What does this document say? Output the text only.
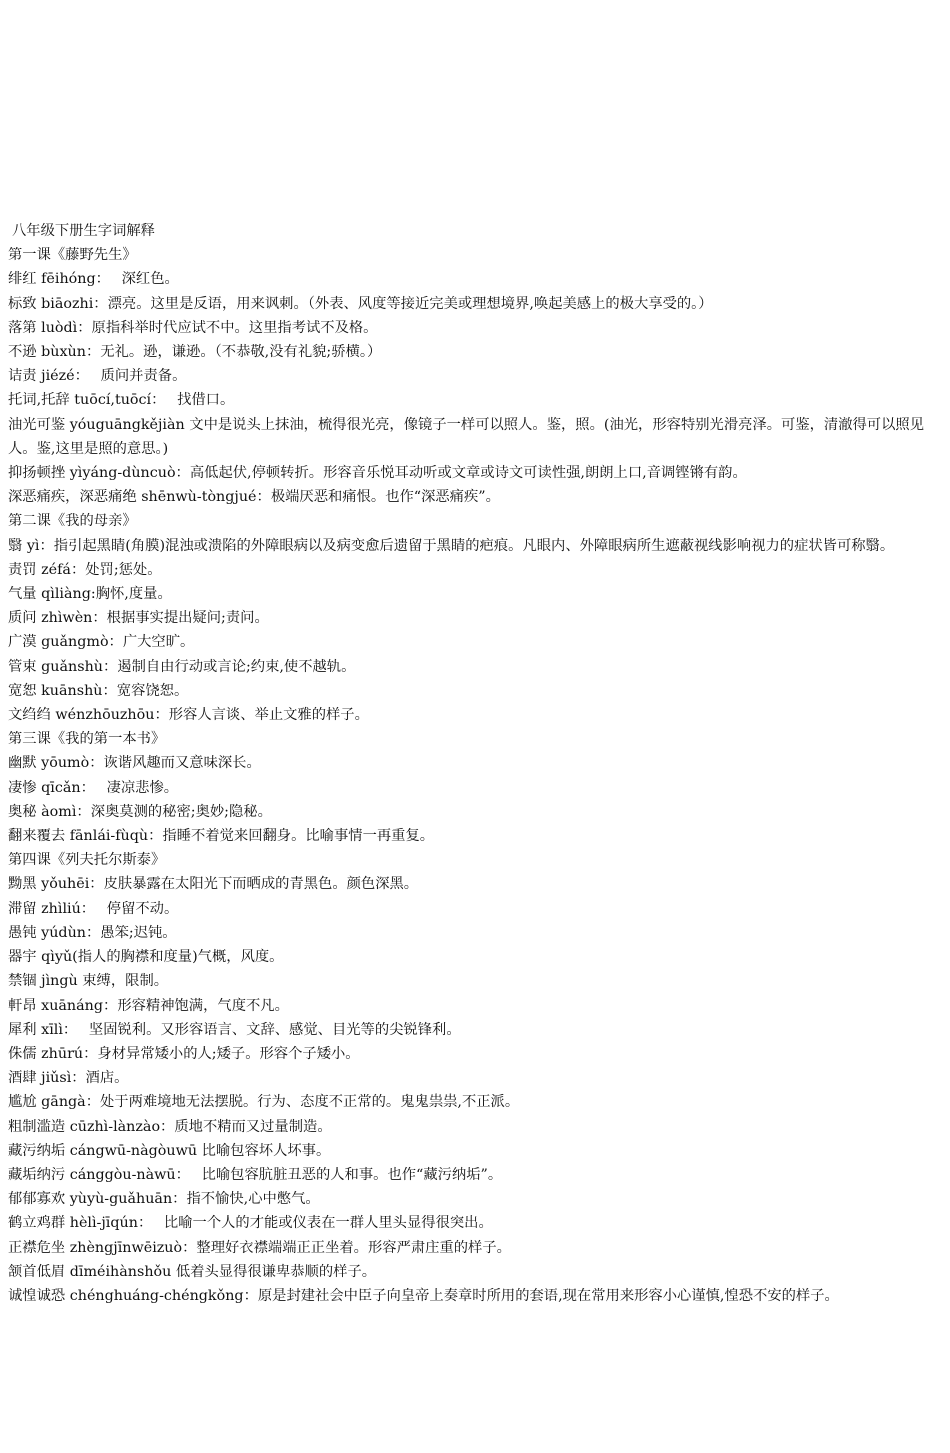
八年级下册生字词解释

第一课《藤野先生》

绯红 fēihóng：　 深红色。

标致 biāozhi：漂亮。这里是反语，用来讽刺。（外表、风度等接近完美或理想境界,唤起美感上的极大享受的。）

落第 luòdì：原指科举时代应试不中。这里指考试不及格。

不逊 bùxùn：无礼。逊，谦逊。（不恭敬,没有礼貌;骄横。）

诘责 jiézé：　 质问并责备。

托词,托辞 tuōcí,tuōcí：　 找借口。

油光可鉴 yóuguāngkějiàn 文中是说头上抹油，梳得很光亮，像镜子一样可以照人。鉴，照。(油光，形容特别光滑亮泽。可鉴，清澈得可以照见人。鉴,这里是照的意思。)

抑扬顿挫 yìyáng-dùncuò：高低起伏,停顿转折。形容音乐悦耳动听或文章或诗文可读性强,朗朗上口,音调铿锵有韵。

深恶痛疾，深恶痛绝 shēnwù-tòngjué：极端厌恶和痛恨。也作“深恶痛疾”。

第二课《我的母亲》

翳 yì：指引起黑睛(角膜)混浊或溃陷的外障眼病以及病变愈后遗留于黑睛的疤痕。凡眼内、外障眼病所生遮蔽视线影响视力的症状皆可称翳。

责罚 zéfá：处罚;惩处。

气量 qìliàng:胸怀,度量。

质问 zhìwèn：根据事实提出疑问;责问。

广漠 guǎngmò：广大空旷。

管束 guǎnshù：遏制自由行动或言论;约束,使不越轨。

宽恕 kuānshù：宽容饶恕。

文绉绉 wénzhōuzhōu：形容人言谈、举止文雅的样子。

第三课《我的第一本书》

幽默 yōumò：诙谐风趣而又意味深长。

凄惨 qīcǎn：　 凄凉悲惨。

奥秘 àomì：深奥莫测的秘密;奥妙;隐秘。

翻来覆去 fānlái-fùqù：指睡不着觉来回翻身。比喻事情一再重复。

第四课《列夫托尔斯泰》

黝黑 yǒuhēi：皮肤暴露在太阳光下而晒成的青黑色。颜色深黑。

滞留 zhìliú：　 停留不动。

愚钝 yúdùn：愚笨;迟钝。

器宇 qìyǔ(指人的胸襟和度量)气概，风度。

禁锢 jìngù 束缚，限制。

軒昂 xuānáng：形容精神饱满，气度不凡。

犀利 xīlì：　 坚固锐利。又形容语言、文辞、感觉、目光等的尖锐锋利。

侏儒 zhūrú：身材异常矮小的人;矮子。形容个子矮小。

酒肆 jiǔsì：酒店。

尴尬 gāngà：处于两难境地无法摆脱。行为、态度不正常的。鬼鬼祟祟,不正派。

粗制滥造 cūzhì-lànzào：质地不精而又过量制造。

藏污纳垢 cángwū-nàgòuwū 比喻包容坏人坏事。

藏垢纳污 cánggòu-nàwū：　 比喻包容肮脏丑恶的人和事。也作“藏污纳垢”。

郁郁寡欢 yùyù-guǎhuān：指不愉快,心中憋气。

鹤立鸡群 hèlì-jīqún：　 比喻一个人的才能或仪表在一群人里头显得很突出。

正襟危坐 zhèngjīnwēizuò：整理好衣襟端端正正坐着。形容严肃庄重的样子。

颔首低眉 dīméihànshǒu 低着头显得很谦卑恭顺的样子。

诚惶诚恐 chénghuáng-chéngkǒng：原是封建社会中臣子向皇帝上奏章时所用的套语,现在常用来形容小心谨慎,惶恐不安的样子。
